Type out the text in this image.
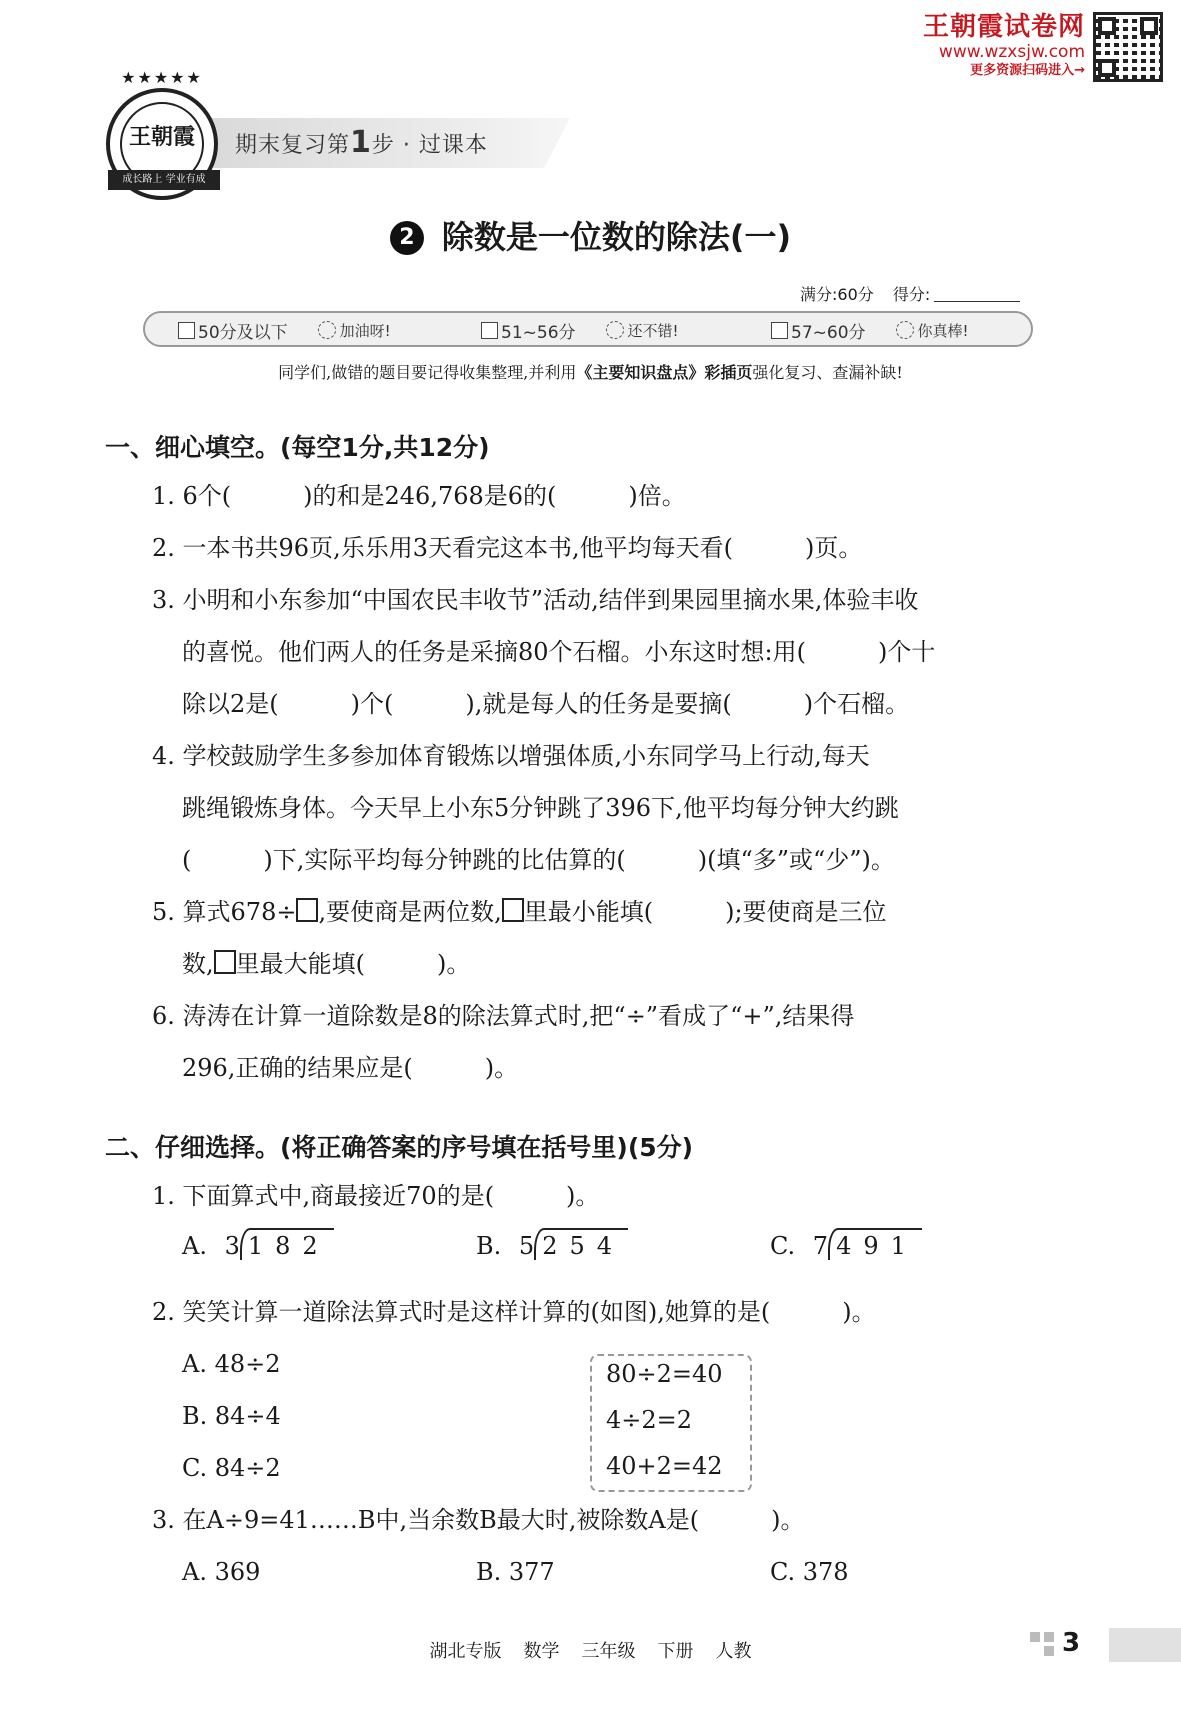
王朝霞试卷网
www.wzxsjw.com
更多资源扫码进入→
期末复习第1步 · 过课本
★★★★★
王朝霞
成长路上 学业有成
2 除数是一位数的除法(一)
满分:60分 得分:
50分及以下	加油呀!	51~56分	还不错!	57~60分	你真棒!
同学们,做错的题目要记得收集整理,并利用《主要知识盘点》彩插页强化复习、查漏补缺!
一、细心填空。(每空1分,共12分)
1. 6个(　　　)的和是246,768是6的(　　　)倍。
2. 一本书共96页,乐乐用3天看完这本书,他平均每天看(　　　)页。
3. 小明和小东参加“中国农民丰收节”活动,结伴到果园里摘水果,体验丰收
的喜悦。他们两人的任务是采摘80个石榴。小东这时想:用(　　　)个十
除以2是(　　　)个(　　　),就是每人的任务是要摘(　　　)个石榴。
4. 学校鼓励学生多参加体育锻炼以增强体质,小东同学马上行动,每天
跳绳锻炼身体。今天早上小东5分钟跳了396下,他平均每分钟大约跳
(　　　)下,实际平均每分钟跳的比估算的(　　　)(填“多”或“少”)。
5. 算式678÷ ,要使商是两位数, 里最小能填(　　　);要使商是三位
数, 里最大能填(　　　)。
6. 涛涛在计算一道除数是8的除法算式时,把“÷”看成了“+”,结果得
296,正确的结果应是(　　　)。
二、仔细选择。(将正确答案的序号填在括号里)(5分)
1. 下面算式中,商最接近70的是(　　　)。
A. 3 182	B. 5 254	C. 7 491
2. 笑笑计算一道除法算式时是这样计算的(如图),她算的是(　　　)。
A. 48÷2
B. 84÷4
C. 84÷2
80÷2=40
4÷2=2
40+2=42
3. 在A÷9=41……B中,当余数B最大时,被除数A是(　　　)。
A. 369	B. 377	C. 378
湖北专版 数学 三年级 下册 人教	3
